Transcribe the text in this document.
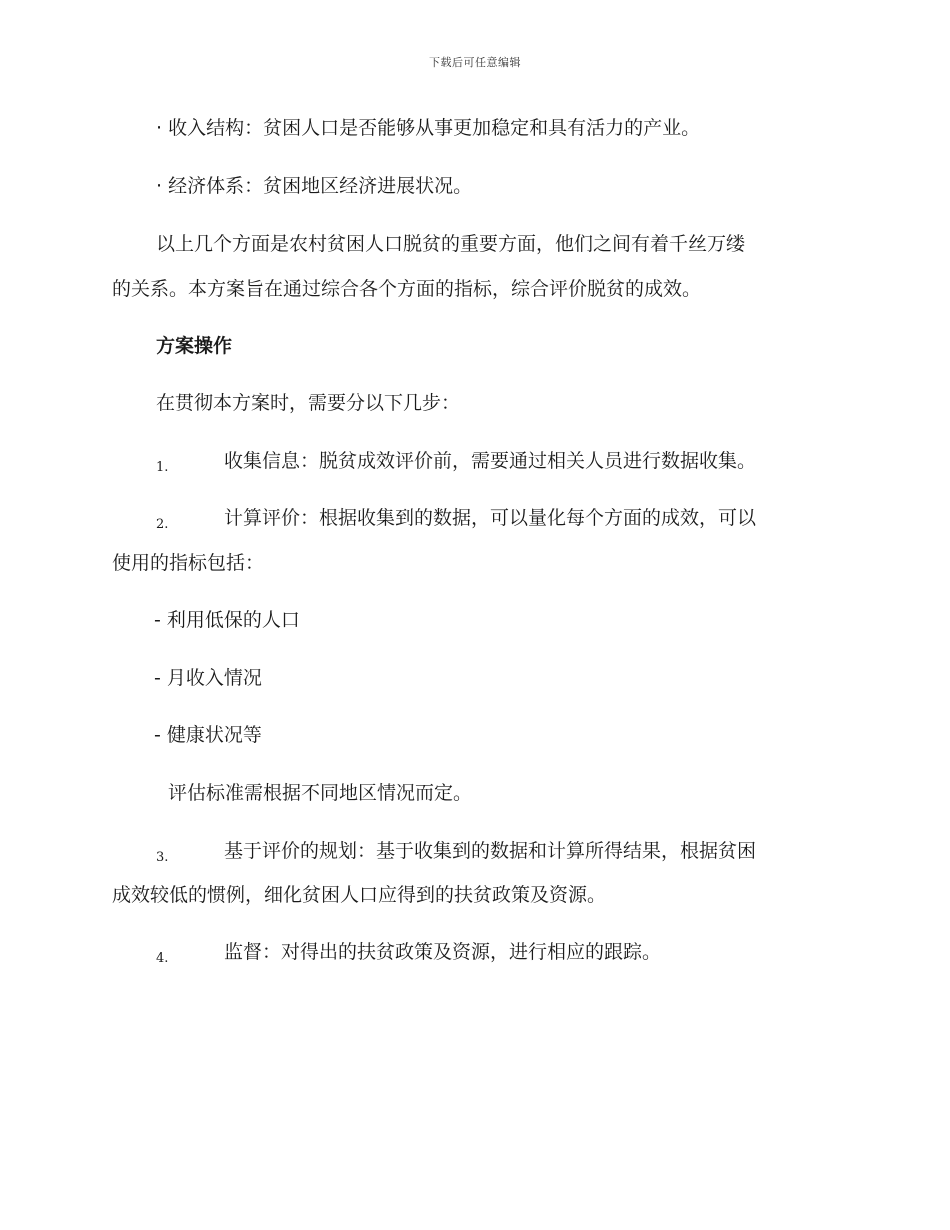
下载后可任意编辑
· 收入结构：贫困人口是否能够从事更加稳定和具有活力的产业。
· 经济体系：贫困地区经济进展状况。
以上几个方面是农村贫困人口脱贫的重要方面，他们之间有着千丝万缕
的关系。本方案旨在通过综合各个方面的指标，综合评价脱贫的成效。
方案操作
在贯彻本方案时，需要分以下几步：
1.	收集信息：脱贫成效评价前，需要通过相关人员进行数据收集。
2.	计算评价：根据收集到的数据，可以量化每个方面的成效，可以
使用的指标包括：
- 利用低保的人口
- 月收入情况
- 健康状况等
评估标准需根据不同地区情况而定。
3.	基于评价的规划：基于收集到的数据和计算所得结果，根据贫困
成效较低的惯例，细化贫困人口应得到的扶贫政策及资源。
4.	监督：对得出的扶贫政策及资源，进行相应的跟踪。
